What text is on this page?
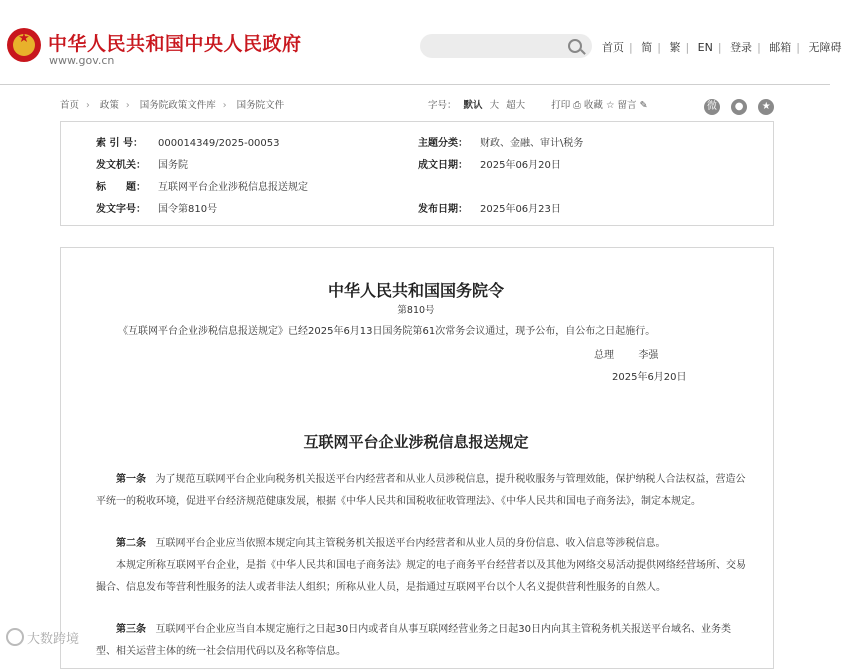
★ 中华人民共和国中央人民政府
www.gov.cn
首页 | 简 | 繁 | EN | 登录 | 邮箱 | 无障碍
首页 › 政策 › 国务院政策文件库 › 国务院文件	字号： 默认 大 超大	打印 ⎙ 收藏 ☆ 留言 ✎	微 ● ★
索 引 号： 000014349/2025-00053	主题分类： 财政、金融、审计\税务
发文机关： 国务院	成文日期： 2025年06月20日
标　　题： 互联网平台企业涉税信息报送规定
发文字号： 国令第810号	发布日期： 2025年06月23日
中华人民共和国国务院令
第810号
《互联网平台企业涉税信息报送规定》已经2025年6月13日国务院第61次常务会议通过，现予公布，自公布之日起施行。
总理 李强
2025年6月20日
互联网平台企业涉税信息报送规定
第一条 为了规范互联网平台企业向税务机关报送平台内经营者和从业人员涉税信息，提升税收服务与管理效能，保护纳税人合法权益，营造公平统一的税收环境，促进平台经济规范健康发展，根据《中华人民共和国税收征收管理法》、《中华人民共和国电子商务法》，制定本规定。
第二条 互联网平台企业应当依照本规定向其主管税务机关报送平台内经营者和从业人员的身份信息、收入信息等涉税信息。
本规定所称互联网平台企业，是指《中华人民共和国电子商务法》规定的电子商务平台经营者以及其他为网络交易活动提供网络经营场所、交易撮合、信息发布等营利性服务的法人或者非法人组织；所称从业人员，是指通过互联网平台以个人名义提供营利性服务的自然人。
第三条 互联网平台企业应当自本规定施行之日起30日内或者自从事互联网经营业务之日起30日内向其主管税务机关报送平台域名、业务类型、相关运营主体的统一社会信用代码以及名称等信息。
大数跨境
